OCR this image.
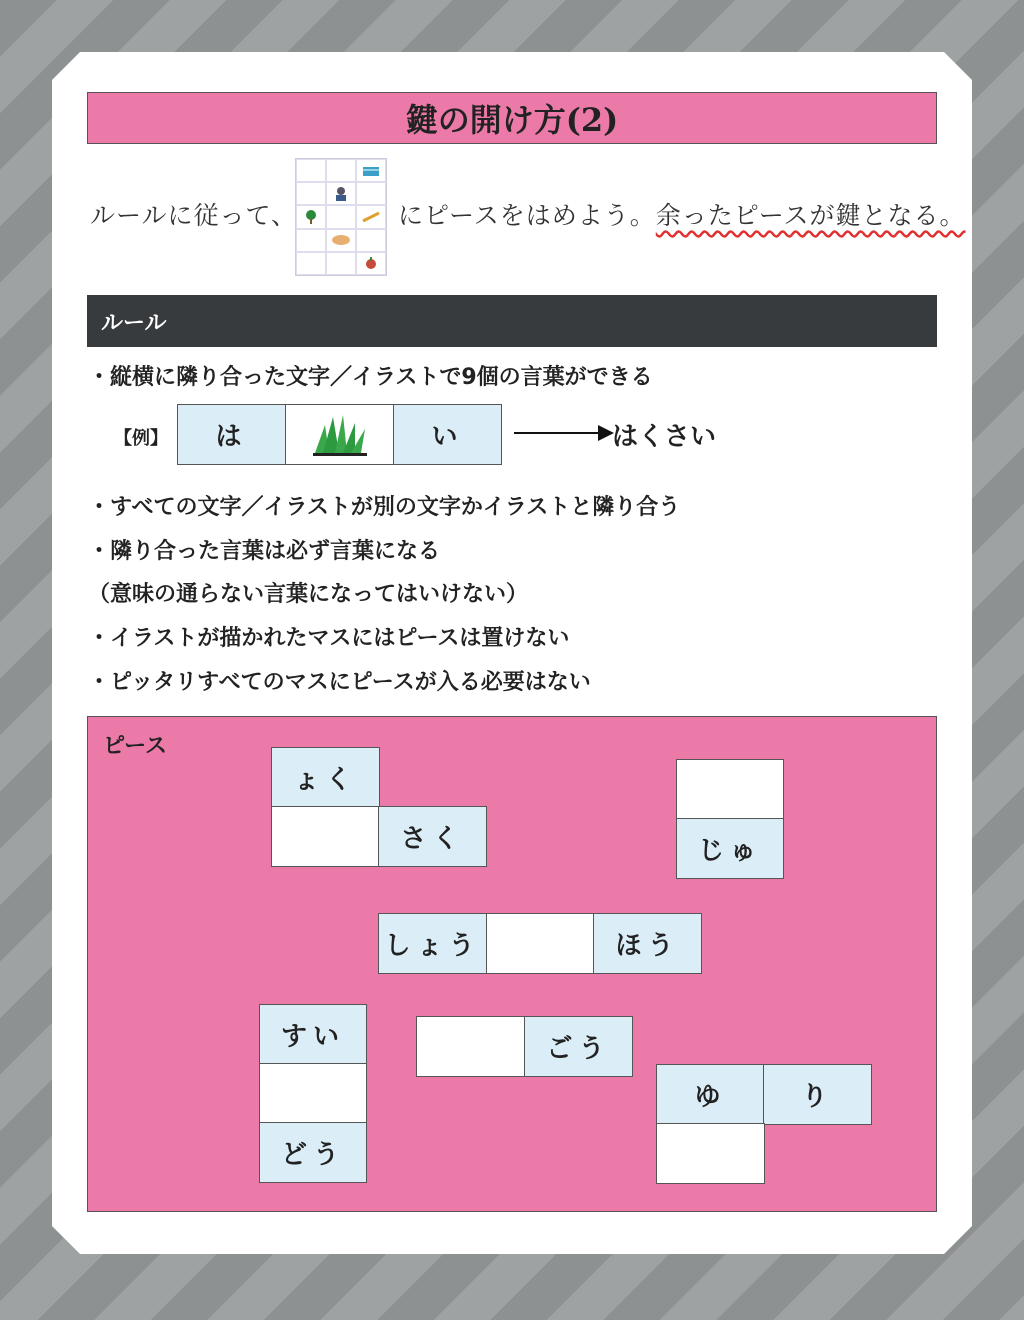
鍵の開け方(2)
ルールに従って、	にピースをはめよう。余ったピースが鍵となる。
ルール
・縦横に隣り合った文字／イラストで9個の言葉ができる
【例】	は	い	はくさい
・すべての文字／イラストが別の文字かイラストと隣り合う
・隣り合った言葉は必ず言葉になる
（意味の通らない言葉になってはいけない）
・イラストが描かれたマスにはピースは置けない
・ピッタリすべてのマスにピースが入る必要はない
ピース
ょく
さく	じゅ
しょう	ほう
すい
どう
ごう
ゆ	り
